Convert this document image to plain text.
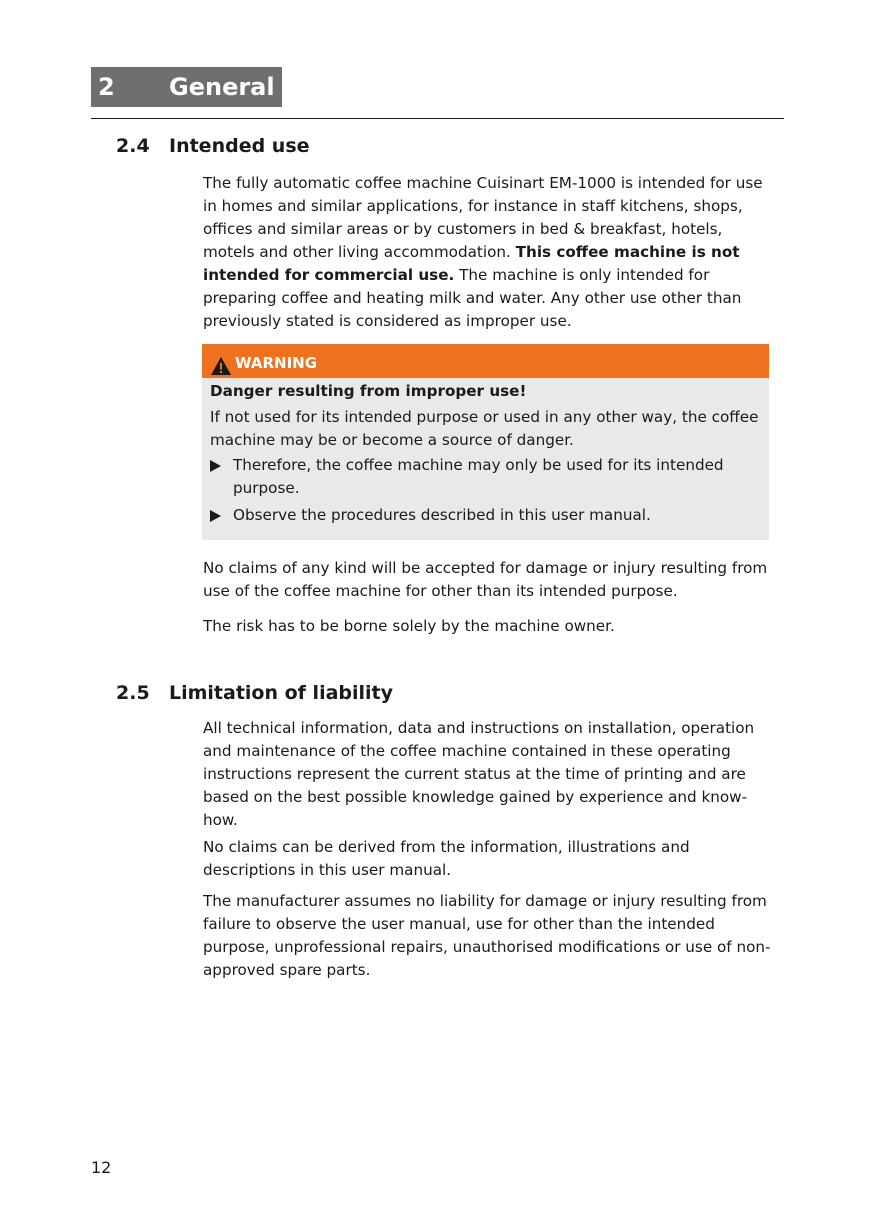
2 General
2.4 Intended use

The fully automatic coffee machine Cuisinart EM-1000 is intended for use in homes and similar applications, for instance in staff kitchens, shops, offices and similar areas or by customers in bed & breakfast, hotels, motels and other living accommodation. This coffee machine is not intended for commercial use. The machine is only intended for preparing coffee and heating milk and water. Any other use other than previously stated is considered as improper use.

WARNING

Danger resulting from improper use!

If not used for its intended purpose or used in any other way, the coffee machine may be or become a source of danger.

Therefore, the coffee machine may only be used for its intended purpose.
Observe the procedures described in this user manual.

No claims of any kind will be accepted for damage or injury resulting from use of the coffee machine for other than its intended purpose.

The risk has to be borne solely by the machine owner.

2.5 Limitation of liability

All technical information, data and instructions on installation, operation and maintenance of the coffee machine contained in these operating instructions represent the current status at the time of printing and are based on the best possible knowledge gained by experience and know-how.

No claims can be derived from the information, illustrations and descriptions in this user manual.

The manufacturer assumes no liability for damage or injury resulting from failure to observe the user manual, use for other than the intended purpose, unprofessional repairs, unauthorised modifications or use of non-approved spare parts.

12
